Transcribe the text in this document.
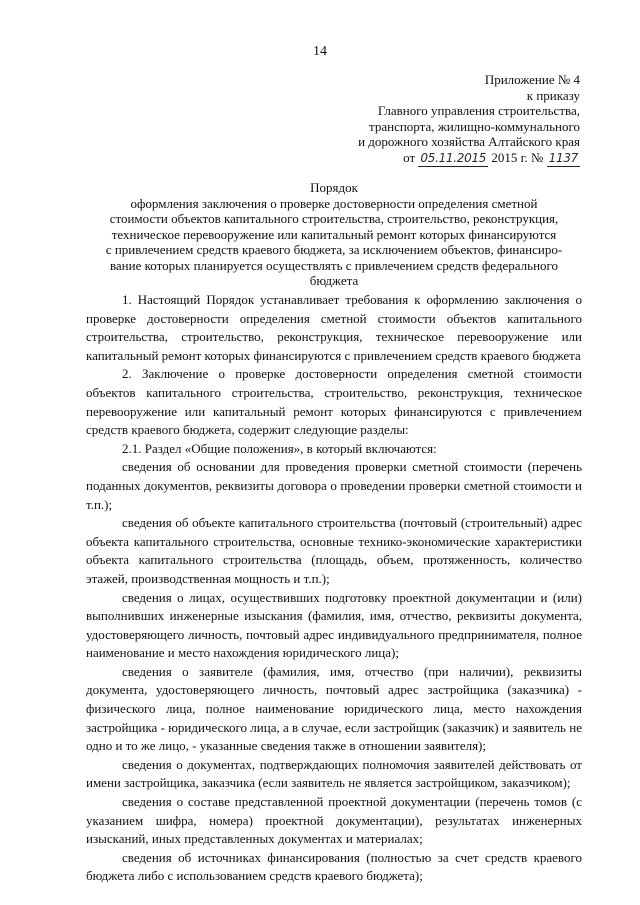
14
Приложение № 4
к приказу
Главного управления строительства,
транспорта, жилищно-коммунального
и дорожного хозяйства Алтайского края
от 05.11.2015 2015 г. № 1137
Порядок
оформления заключения о проверке достоверности определения сметной
стоимости объектов капитального строительства, строительство, реконструкция,
техническое перевооружение или капитальный ремонт которых финансируются
с привлечением средств краевого бюджета, за исключением объектов, финансиро-
вание которых планируется осуществлять с привлечением средств федерального
бюджета

1. Настоящий Порядок устанавливает требования к оформлению заключения о проверке достоверности определения сметной стоимости объектов капитального строительства, строительство, реконструкция, техническое перевооружение или капитальный ремонт которых финансируются с привлечением средств краевого бюджета

2. Заключение о проверке достоверности определения сметной стоимости объектов капитального строительства, строительство, реконструкция, техническое перевооружение или капитальный ремонт которых финансируются с привлечением средств краевого бюджета, содержит следующие разделы:

2.1. Раздел «Общие положения», в который включаются:

сведения об основании для проведения проверки сметной стоимости (перечень поданных документов, реквизиты договора о проведении проверки сметной стоимости и т.п.);

сведения об объекте капитального строительства (почтовый (строительный) адрес объекта капитального строительства, основные технико-экономические характеристики объекта капитального строительства (площадь, объем, протяженность, количество этажей, производственная мощность и т.п.);

сведения о лицах, осуществивших подготовку проектной документации и (или) выполнивших инженерные изыскания (фамилия, имя, отчество, реквизиты документа, удостоверяющего личность, почтовый адрес индивидуального предпринимателя, полное наименование и место нахождения юридического лица);

сведения о заявителе (фамилия, имя, отчество (при наличии), реквизиты документа, удостоверяющего личность, почтовый адрес застройщика (заказчика) - физического лица, полное наименование юридического лица, место нахождения застройщика - юридического лица, а в случае, если застройщик (заказчик) и заявитель не одно и то же лицо, - указанные сведения также в отношении заявителя);

сведения о документах, подтверждающих полномочия заявителей действовать от имени застройщика, заказчика (если заявитель не является застройщиком, заказчиком);

сведения о составе представленной проектной документации (перечень томов (с указанием шифра, номера) проектной документации), результатах инженерных изысканий, иных представленных документах и материалах;

сведения об источниках финансирования (полностью за счет средств краевого бюджета либо с использованием средств краевого бюджета);
